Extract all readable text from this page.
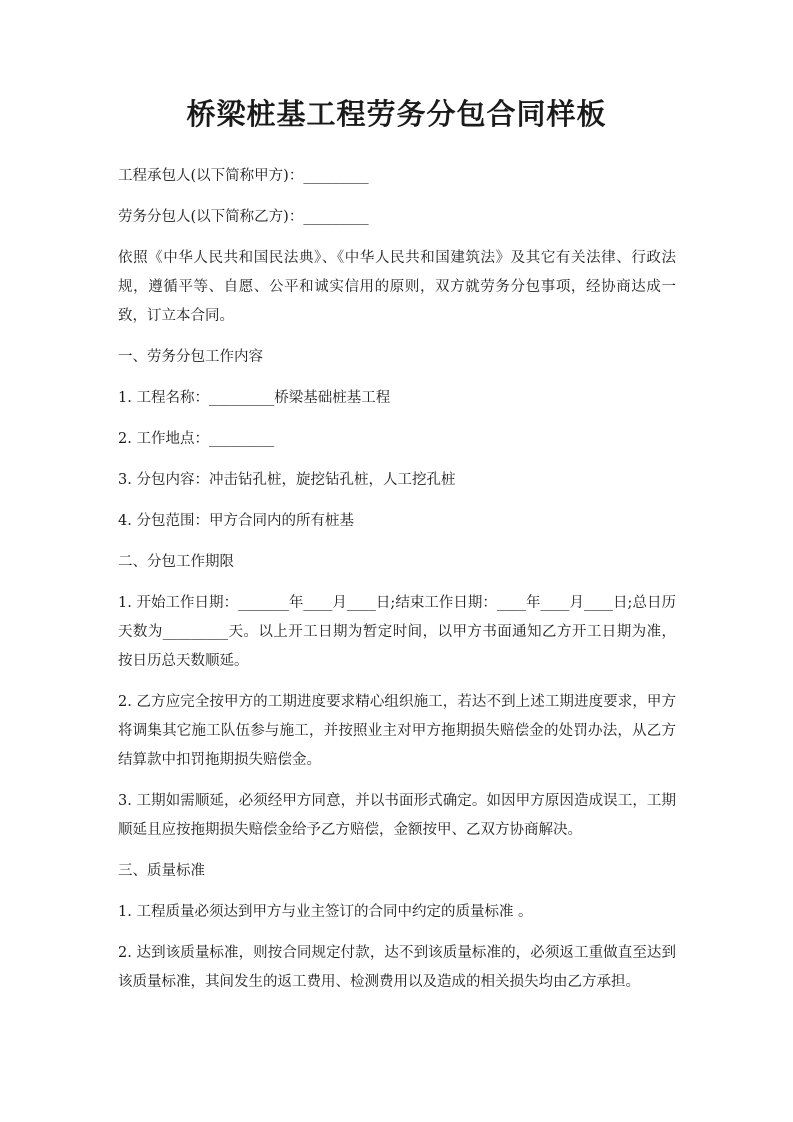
桥梁桩基工程劳务分包合同样板

工程承包人(以下简称甲方)：_________

劳务分包人(以下简称乙方)：_________

依照《中华人民共和国民法典》、《中华人民共和国建筑法》及其它有关法律、行政法规，遵循平等、自愿、公平和诚实信用的原则，双方就劳务分包事项，经协商达成一致，订立本合同。

一、劳务分包工作内容

1. 工程名称：_________桥梁基础桩基工程

2. 工作地点：_________

3. 分包内容：冲击钻孔桩，旋挖钻孔桩，人工挖孔桩

4. 分包范围：甲方合同内的所有桩基

二、分包工作期限

1. 开始工作日期：_______年____月____日;结束工作日期：____年____月____日;总日历天数为_________天。以上开工日期为暂定时间，以甲方书面通知乙方开工日期为准，按日历总天数顺延。

2. 乙方应完全按甲方的工期进度要求精心组织施工，若达不到上述工期进度要求，甲方将调集其它施工队伍参与施工，并按照业主对甲方拖期损失赔偿金的处罚办法，从乙方结算款中扣罚拖期损失赔偿金。

3. 工期如需顺延，必须经甲方同意，并以书面形式确定。如因甲方原因造成误工，工期顺延且应按拖期损失赔偿金给予乙方赔偿，金额按甲、乙双方协商解决。

三、质量标准

1. 工程质量必须达到甲方与业主签订的合同中约定的质量标准 。

2. 达到该质量标准，则按合同规定付款，达不到该质量标准的，必须返工重做直至达到该质量标准，其间发生的返工费用、检测费用以及造成的相关损失均由乙方承担。
